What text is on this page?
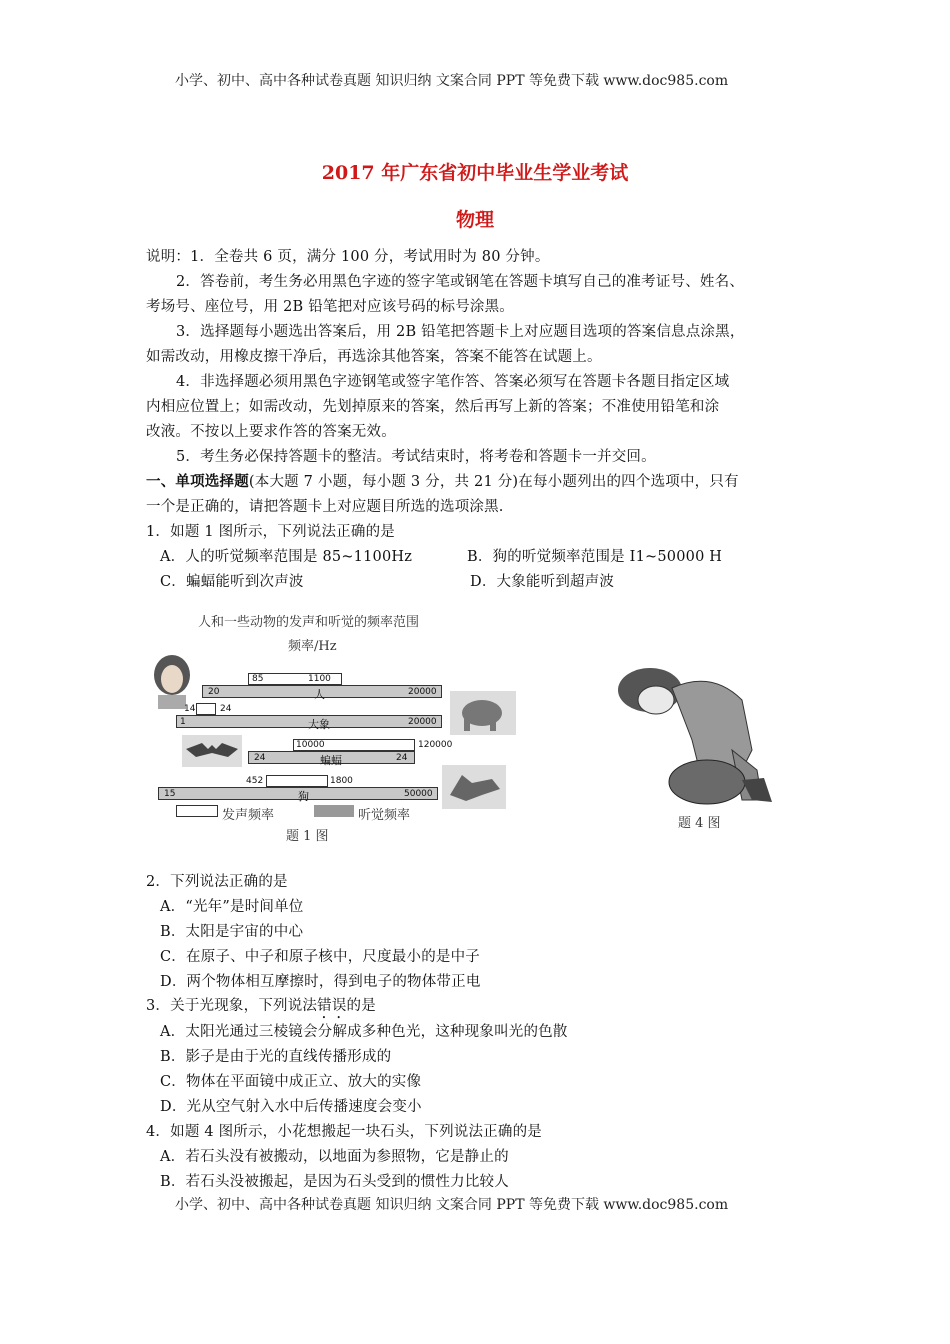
小学、初中、高中各种试卷真题 知识归纳 文案合同 PPT 等免费下载 www.doc985.com
2017 年广东省初中毕业生学业考试
物理
说明：1．全卷共 6 页，满分 100 分，考试用时为 80 分钟。
2．答卷前，考生务必用黑色字迹的签字笔或钢笔在答题卡填写自己的准考证号、姓名、
考场号、座位号，用 2B 铅笔把对应该号码的标号涂黑。
3．选择题每小题选出答案后，用 2B 铅笔把答题卡上对应题目选项的答案信息点涂黑，
如需改动，用橡皮擦干净后，再选涂其他答案，答案不能答在试题上。
4．非选择题必须用黑色字迹钢笔或签字笔作答、答案必须写在答题卡各题目指定区域
内相应位置上；如需改动，先划掉原来的答案，然后再写上新的答案；不准使用铅笔和涂
改液。不按以上要求作答的答案无效。
5．考生务必保持答题卡的整洁。考试结束时，将考卷和答题卡一并交回。
一、单项选择题(本大题 7 小题，每小题 3 分，共 21 分)在每小题列出的四个选项中，只有
一个是正确的，请把答题卡上对应题目所选的选项涂黑.
1．如题 1 图所示，下列说法正确的是
A．人的听觉频率范围是 85~1100Hz	B．狗的听觉频率范围是 I1~50000 H
C．蝙蝠能听到次声波	D．大象能听到超声波
人和一些动物的发声和听觉的频率范围
频率/Hz
85	1100
20	人	20000
14	24
1	大象	20000
10000	120000
24	蝙蝠	24
452	1800
15	狗	50000
发声频率	听觉频率
题 1 图
题 4 图
2．下列说法正确的是
A．“光年”是时间单位
B．太阳是宇宙的中心
C．在原子、中子和原子核中，尺度最小的是中子
D．两个物体相互摩擦时，得到电子的物体带正电
3．关于光现象，下列说法错误的是
A．太阳光通过三棱镜会分解成多种色光，这种现象叫光的色散
B．影子是由于光的直线传播形成的
C．物体在平面镜中成正立、放大的实像
D．光从空气射入水中后传播速度会变小
4．如题 4 图所示，小花想搬起一块石头，下列说法正确的是
A．若石头没有被搬动，以地面为参照物，它是静止的
B．若石头没被搬起，是因为石头受到的惯性力比较人
小学、初中、高中各种试卷真题 知识归纳 文案合同 PPT 等免费下载 www.doc985.com
